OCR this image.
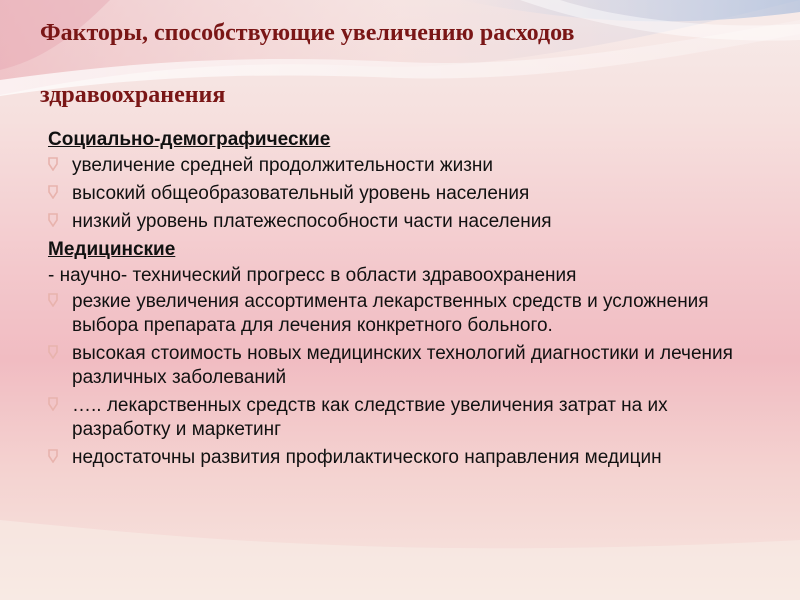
Факторы, способствующие увеличению расходов
здравоохранения
Социально-демографические
увеличение средней продолжительности жизни
высокий общеобразовательный уровень населения
низкий уровень платежеспособности части населения
Медицинские
- научно- технический прогресс в области здравоохранения
резкие увеличения ассортимента лекарственных средств и усложнения выбора препарата для лечения конкретного больного.
высокая стоимость новых медицинских технологий диагностики и лечения различных заболеваний
….. лекарственных средств как следствие увеличения затрат на их разработку и маркетинг
недостаточны развития профилактического направления медицин
